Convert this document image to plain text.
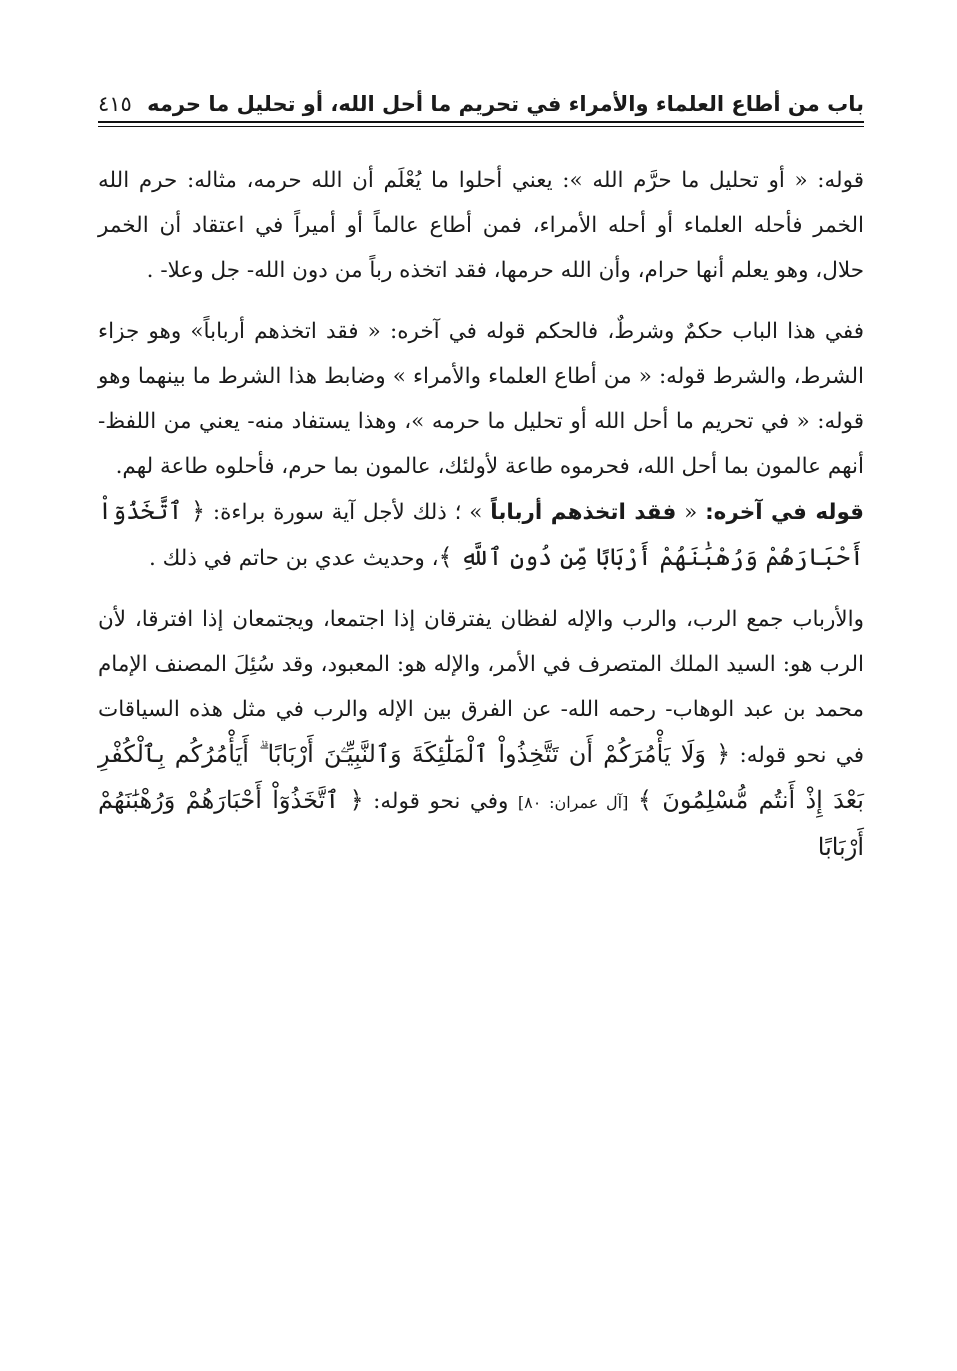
باب من أطاع العلماء والأمراء في تحريم ما أحل الله، أو تحليل ما حرمه
٤١٥

قوله: « أو تحليل ما حرَّم الله »: يعني أحلوا ما يُعْلَم أن الله حرمه، مثاله: حرم الله الخمر فأحله العلماء أو أحله الأمراء، فمن أطاع عالماً أو أميراً في اعتقاد أن الخمر حلال، وهو يعلم أنها حرام، وأن الله حرمها، فقد اتخذه رباً من دون الله- جل وعلا- .

ففي هذا الباب حكمٌ وشرطٌ، فالحكم قوله في آخره: « فقد اتخذهم أرباباً» وهو جزاء الشرط، والشرط قوله: « من أطاع العلماء والأمراء » وضابط هذا الشرط ما بينهما وهو قوله: « في تحريم ما أحل الله أو تحليل ما حرمه »، وهذا يستفاد منه- يعني من اللفظ- أنهم عالمون بما أحل الله، فحرموه طاعة لأولئك، عالمون بما حرم، فأحلوه طاعة لهم.

قوله في آخره: « فقد اتخذهم أرباباً » ؛ ذلك لأجل آية سورة براءة: ﴿ ٱتَّخَذُوٓاْ أَحْبَارَهُمْ وَرُهْبَٰنَهُمْ أَرْبَابًا مِّن دُونِ ٱللَّهِ ﴾، وحديث عدي بن حاتم في ذلك .

والأرباب جمع الرب، والرب والإله لفظان يفترقان إذا اجتمعا، ويجتمعان إذا افترقا، لأن الرب هو: السيد الملك المتصرف في الأمر، والإله هو: المعبود، وقد سُئِلَ المصنف الإمام محمد بن عبد الوهاب- رحمه الله- عن الفرق بين الإله والرب في مثل هذه السياقات في نحو قوله: ﴿ وَلَا يَأْمُرَكُمْ أَن تَتَّخِذُواْ ٱلْمَلَٰٓئِكَةَ وَٱلنَّبِيِّـۧنَ أَرْبَابًا ۗ أَيَأْمُرُكُم بِٱلْكُفْرِ بَعْدَ إِذْ أَنتُم مُّسْلِمُونَ ﴾ [آل عمران: ٨٠] وفي نحو قوله: ﴿ ٱتَّخَذُوٓاْ أَحْبَارَهُمْ وَرُهْبَٰنَهُمْ أَرْبَابًا
